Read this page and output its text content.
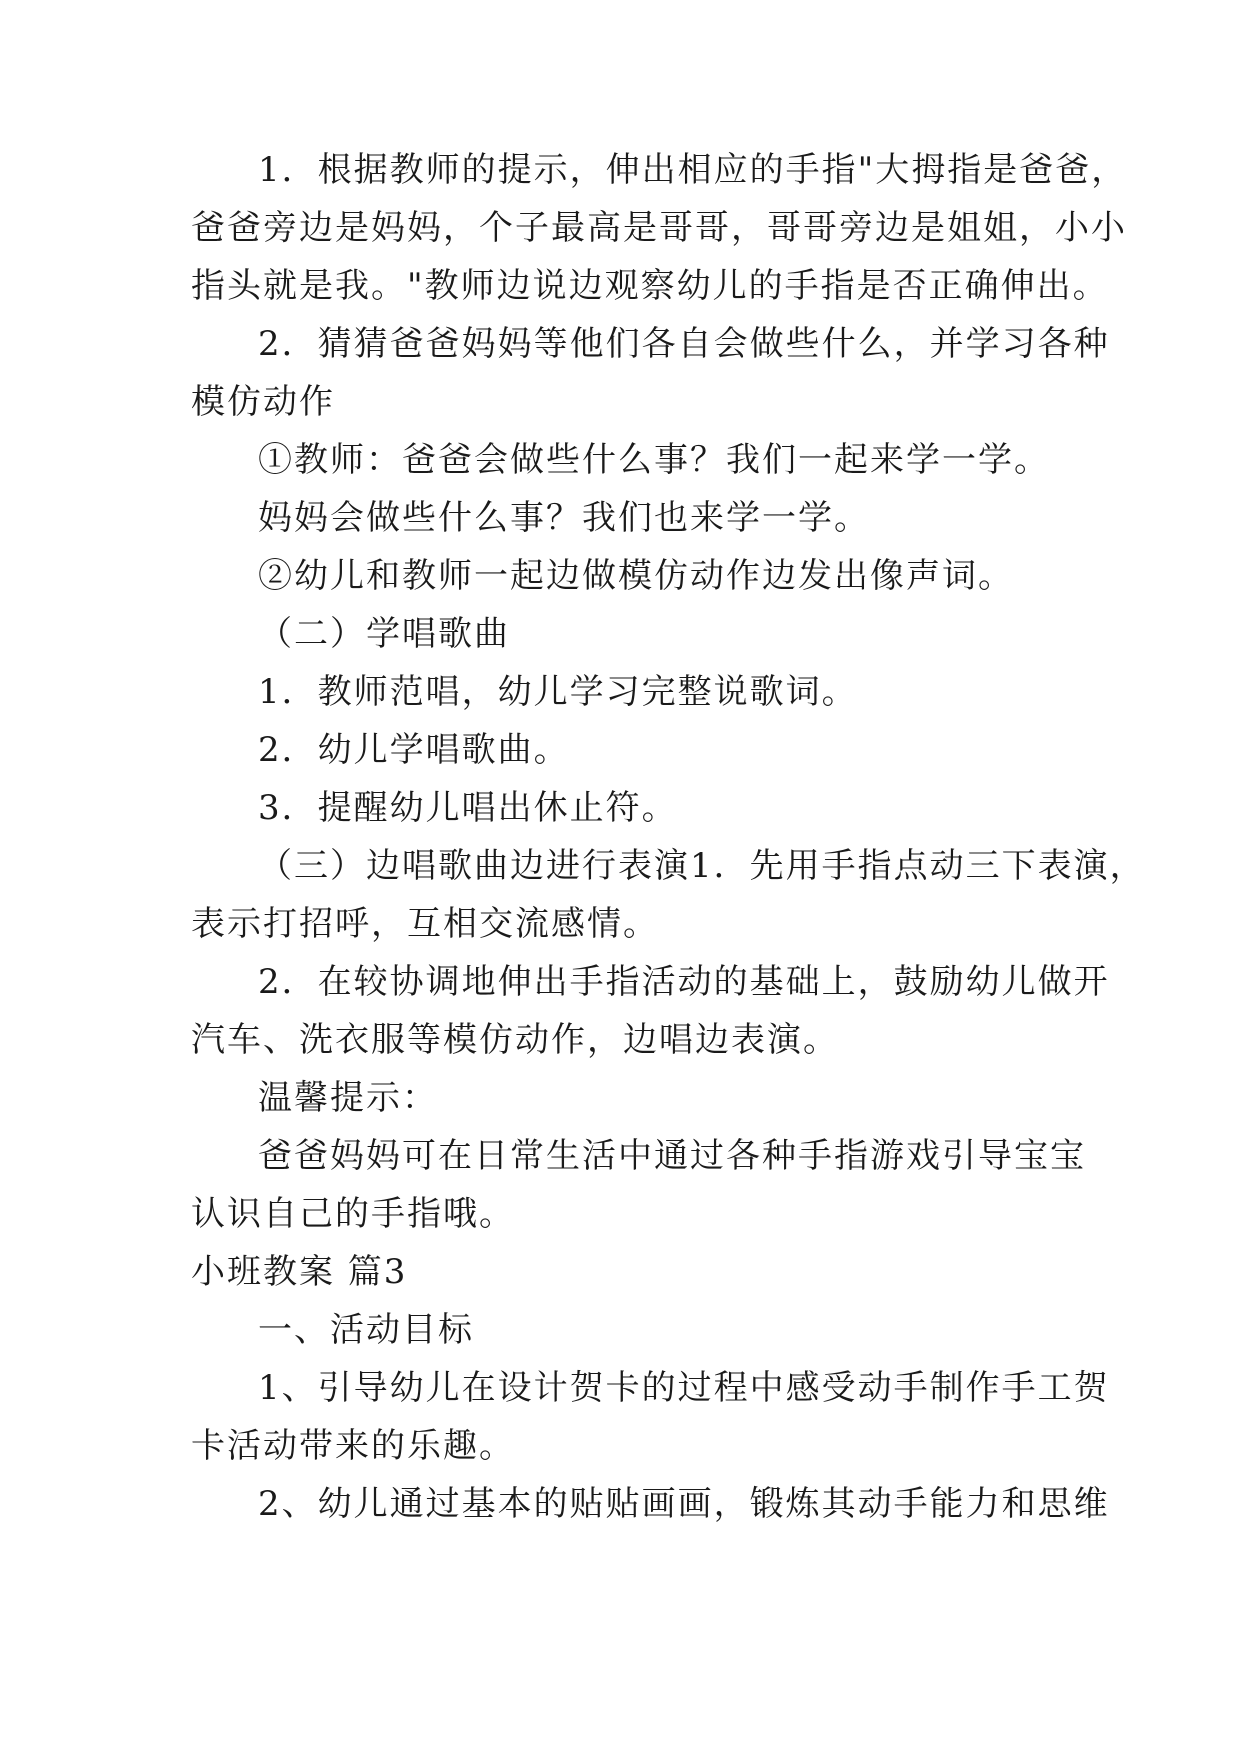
1．根据教师的提示，伸出相应的手指"大拇指是爸爸，
爸爸旁边是妈妈，个子最高是哥哥，哥哥旁边是姐姐，小小
指头就是我。"教师边说边观察幼儿的手指是否正确伸出。
2．猜猜爸爸妈妈等他们各自会做些什么，并学习各种
模仿动作
①教师：爸爸会做些什么事？我们一起来学一学。
妈妈会做些什么事？我们也来学一学。
②幼儿和教师一起边做模仿动作边发出像声词。
（二）学唱歌曲
1．教师范唱，幼儿学习完整说歌词。
2．幼儿学唱歌曲。
3．提醒幼儿唱出休止符。
（三）边唱歌曲边进行表演1．先用手指点动三下表演，
表示打招呼，互相交流感情。
2．在较协调地伸出手指活动的基础上，鼓励幼儿做开
汽车、洗衣服等模仿动作，边唱边表演。
温馨提示：
爸爸妈妈可在日常生活中通过各种手指游戏引导宝宝
认识自己的手指哦。
小班教案 篇3
一、活动目标
1、引导幼儿在设计贺卡的过程中感受动手制作手工贺
卡活动带来的乐趣。
2、幼儿通过基本的贴贴画画，锻炼其动手能力和思维
